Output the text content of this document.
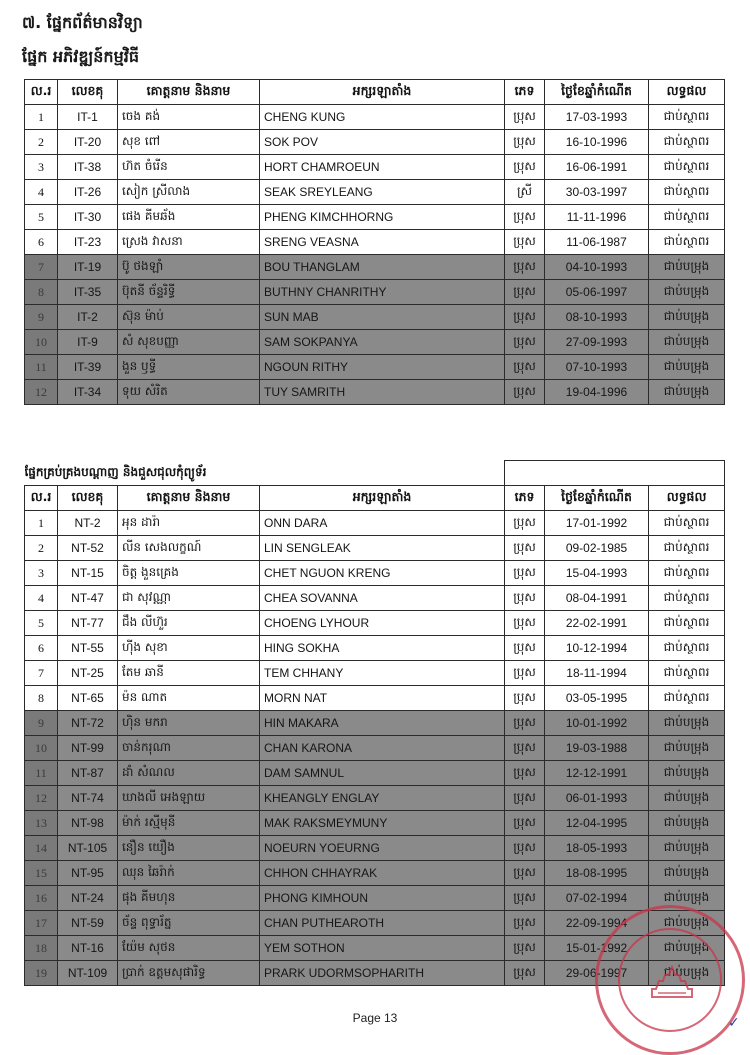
៧. ផ្នែកព័ត៌មានវិទ្យា
ផ្នែក អភិវឌ្ឍន៍កម្មវិធី
ល.រ	លេខគុ	គោត្តនាម និងនាម	អក្សរឡាតាំង	ភេទ	ថ្ងៃខែឆ្នាំកំណើត	លទ្ធផល
1	IT-1	ចេង គង់	CHENG KUNG	ប្រុស	17-03-1993	ជាប់ស្ថាពរ
2	IT-20	សុខ ពៅ	SOK POV	ប្រុស	16-10-1996	ជាប់ស្ថាពរ
3	IT-38	ហ៊ត ចំរើន	HORT CHAMROEUN	ប្រុស	16-06-1991	ជាប់ស្ថាពរ
4	IT-26	សៀក ស្រីលាង	SEAK SREYLEANG	ស្រី	30-03-1997	ជាប់ស្ថាពរ
5	IT-30	ផេង គីមឆ័ង	PHENG KIMCHHORNG	ប្រុស	11-11-1996	ជាប់ស្ថាពរ
6	IT-23	ស្រេង វាសនា	SRENG VEASNA	ប្រុស	11-06-1987	ជាប់ស្ថាពរ
7	IT-19	ប៊ូ ថងឡាំ	BOU THANGLAM	ប្រុស	04-10-1993	ជាប់បម្រុង
8	IT-35	ប៊ុតនី ច័ន្ទរិទ្ធី	BUTHNY CHANRITHY	ប្រុស	05-06-1997	ជាប់បម្រុង
9	IT-2	ស៊ុន ម៉ាប់	SUN MAB	ប្រុស	08-10-1993	ជាប់បម្រុង
10	IT-9	សំ សុខបញ្ញា	SAM SOKPANYA	ប្រុស	27-09-1993	ជាប់បម្រុង
11	IT-39	ងួន ឫទ្ធី	NGOUN RITHY	ប្រុស	07-10-1993	ជាប់បម្រុង
12	IT-34	ទុយ សំរិត	TUY SAMRITH	ប្រុស	19-04-1996	ជាប់បម្រុង
ផ្នែកគ្រប់គ្រងបណ្តាញ និងជួសជុលកុំព្យូទ័រ						
ល.រ	លេខគុ	គោត្តនាម និងនាម	អក្សរឡាតាំង	ភេទ	ថ្ងៃខែឆ្នាំកំណើត	លទ្ធផល
1	NT-2	អុន ដារ៉ា	ONN DARA	ប្រុស	17-01-1992	ជាប់ស្ថាពរ
2	NT-52	លីន សេងលក្ខណ៍	LIN SENGLEAK	ប្រុស	09-02-1985	ជាប់ស្ថាពរ
3	NT-15	ចិត្ត ងួនគ្រេង	CHET NGUON KRENG	ប្រុស	15-04-1993	ជាប់ស្ថាពរ
4	NT-47	ជា សុវណ្ណា	CHEA SOVANNA	ប្រុស	08-04-1991	ជាប់ស្ថាពរ
5	NT-77	ជឹង លីហ៊ួរ	CHOENG LYHOUR	ប្រុស	22-02-1991	ជាប់ស្ថាពរ
6	NT-55	ហ៊ីង សុខា	HING SOKHA	ប្រុស	10-12-1994	ជាប់ស្ថាពរ
7	NT-25	តែម ឆានី	TEM CHHANY	ប្រុស	18-11-1994	ជាប់ស្ថាពរ
8	NT-65	ម៉ន ណាត	MORN NAT	ប្រុស	03-05-1995	ជាប់ស្ថាពរ
9	NT-72	ហ៊ិន មករា	HIN MAKARA	ប្រុស	10-01-1992	ជាប់បម្រុង
10	NT-99	ចាន់ករុណា	CHAN KARONA	ប្រុស	19-03-1988	ជាប់បម្រុង
11	NT-87	ដាំ សំណល	DAM SAMNUL	ប្រុស	12-12-1991	ជាប់បម្រុង
12	NT-74	ឃាងលី អេងឡាយ	KHEANGLY ENGLAY	ប្រុស	06-01-1993	ជាប់បម្រុង
13	NT-98	ម៉ាក់ រស្មីមុនី	MAK RAKSMEYMUNY	ប្រុស	12-04-1995	ជាប់បម្រុង
14	NT-105	នឿន យឿង	NOEURN YOEURNG	ប្រុស	18-05-1993	ជាប់បម្រុង
15	NT-95	ឈុន ឆៃរ៉ាក់	CHHON CHHAYRAK	ប្រុស	18-08-1995	ជាប់បម្រុង
16	NT-24	ផុង គីមហុន	PHONG KIMHOUN	ប្រុស	07-02-1994	ជាប់បម្រុង
17	NT-59	ច័ន្ទ ពុទ្ធារ័ត្ន	CHAN PUTHEAROTH	ប្រុស	22-09-1994	ជាប់បម្រុង
18	NT-16	យ៉ែម សុថន	YEM SOTHON	ប្រុស	15-01-1992	ជាប់បម្រុង
19	NT-109	ប្រាក់ ឧត្តមសុផារិទ្ធ	PRARK UDORMSOPHARITH	ប្រុស	29-06-1997	ជាប់បម្រុង
Page 13	✓
